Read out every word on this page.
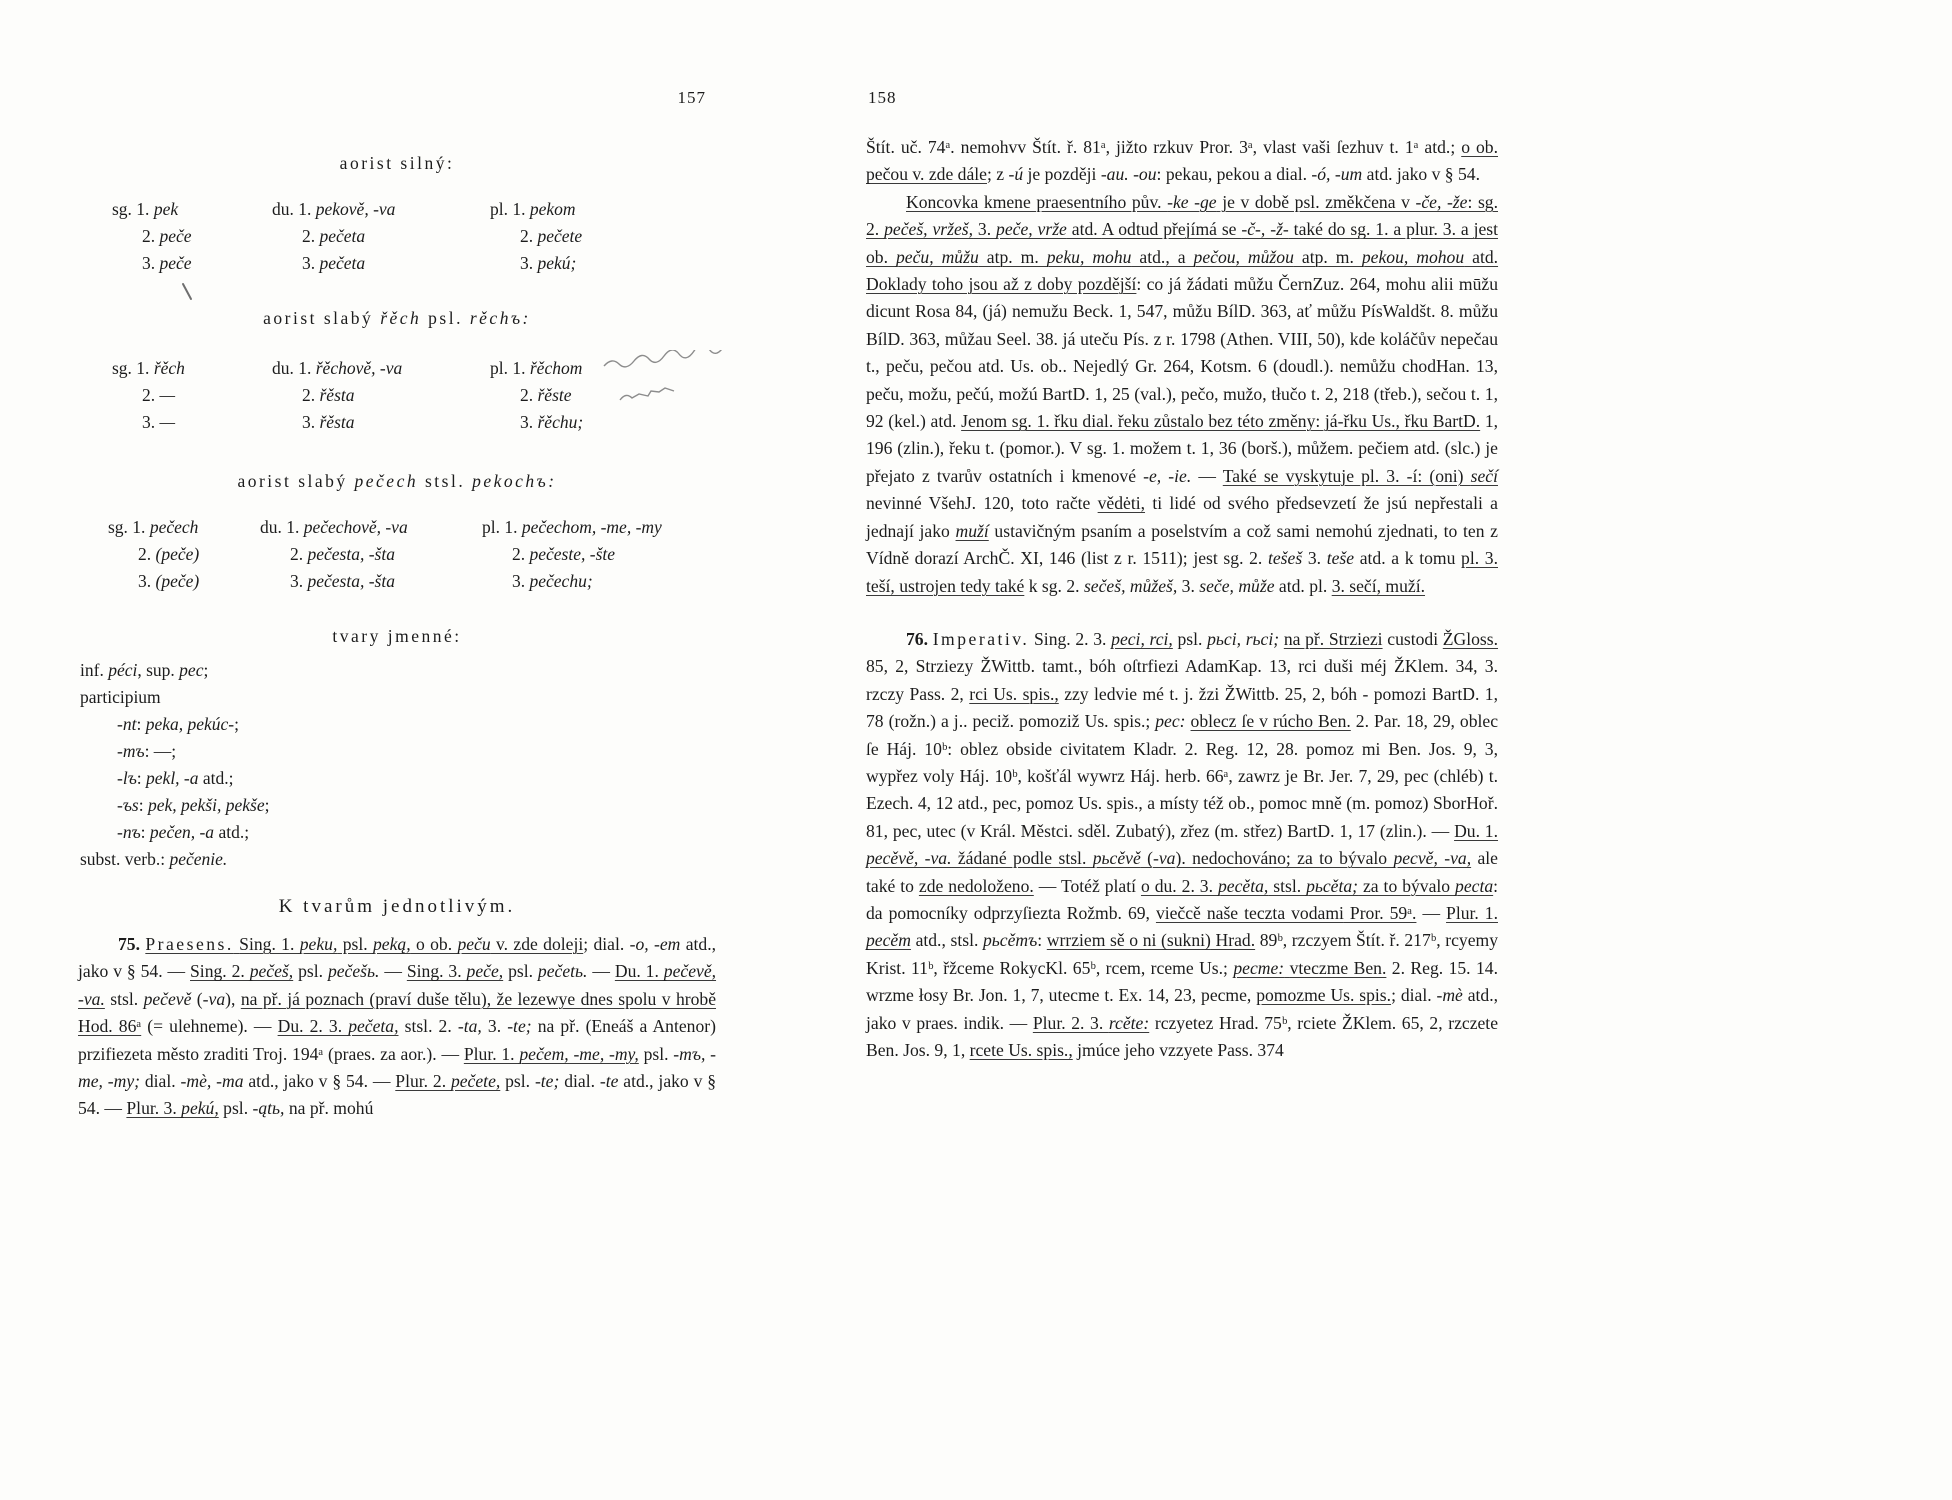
157
aorist silný:
sg. 1. pek	du. 1. pekově, -va	pl. 1. pekom
2. peče	2. pečeta	2. pečete
3. peče	3. pečeta	3. pekú;
aorist slabý řěch psl. rěchъ:
sg. 1. řěch	du. 1. řěchově, -va	pl. 1. řěchom
2. —	2. řěsta	2. řěste
3. —	3. řěsta	3. řěchu;
aorist slabý pečech stsl. pekochъ:
sg. 1. pečech	du. 1. pečechově, -va	pl. 1. pečechom, -me, -my
2. (peče)	2. pečesta, -šta	2. pečeste, -šte
3. (peče)	3. pečesta, -šta	3. pečechu;
tvary jmenné:
inf. péci, sup. pec;
participium
-nt: peka, pekúc-;
-mъ: —;
-lъ: pekl, -a atd.;
-ъs: pek, pekši, pekše;
-nъ: pečen, -a atd.;
subst. verb.: pečenie.
K tvarům jednotlivým.

75. Praesens. Sing. 1. peku, psl. peką, o ob. peču v. zde doleji; dial. -o, -em atd., jako v § 54. — Sing. 2. pečeš, psl. pečešь. — Sing. 3. peče, psl. pečetь. — Du. 1. pečevě, -va. stsl. pečevě (-va), na př. já poznach (praví duše tělu), že lezewye dnes spolu v hrobě Hod. 86ᵃ (= ulehneme). — Du. 2. 3. pečeta, stsl. 2. -ta, 3. -te; na př. (Eneáš a Antenor) przifiezeta město zraditi Troj. 194ᵃ (praes. za aor.). — Plur. 1. pečem, -me, -my, psl. -mъ, -me, -my; dial. -mè, -ma atd., jako v § 54. — Plur. 2. pečete, psl. -te; dial. -te atd., jako v § 54. — Plur. 3. pekú, psl. -ątь, na př. mohú

158

Štít. uč. 74ᵃ. nemohvv Štít. ř. 81ᵃ, jižto rzkuv Pror. 3ᵃ, vlast vaši ſezhuv t. 1ᵃ atd.; o ob. pečou v. zde dále; z -ú je později -au. -ou: pekau, pekou a dial. -ó, -um atd. jako v § 54.

Koncovka kmene praesentního pův. -ke -ge je v době psl. změkčena v -če, -že: sg. 2. pečeš, vržeš, 3. peče, vrže atd. A odtud přejímá se -č-, -ž- také do sg. 1. a plur. 3. a jest ob. peču, můžu atp. m. peku, mohu atd., a pečou, můžou atp. m. pekou, mohou atd. Doklady toho jsou až z doby pozdější: co já žádati můžu ČernZuz. 264, mohu alii mūžu dicunt Rosa 84, (já) nemužu Beck. 1, 547, můžu BílD. 363, ať můžu PísWaldšt. 8. můžu BílD. 363, můžau Seel. 38. já uteču Pís. z r. 1798 (Athen. VIII, 50), kde koláčův nepečau t., peču, pečou atd. Us. ob.. Nejedlý Gr. 264, Kotsm. 6 (doudl.). nemůžu chodHan. 13, peču, možu, pečú, možú BartD. 1, 25 (val.), pečo, mužo, tłučo t. 2, 218 (třeb.), sečou t. 1, 92 (kel.) atd. Jenom sg. 1. řku dial. řeku zůstalo bez této změny: já-řku Us., řku BartD. 1, 196 (zlin.), řeku t. (pomor.). V sg. 1. možem t. 1, 36 (borš.), můžem. pečiem atd. (slc.) je přejato z tvarův ostatních i kmenové -e, -ie. — Také se vyskytuje pl. 3. -í: (oni) sečí nevinné VšehJ. 120, toto račte vědėti, ti lidé od svého předsevzetí že jsú nepřestali a jednají jako muží ustavičným psaním a poselstvím a což sami nemohú zjednati, to ten z Vídně dorazí ArchČ. XI, 146 (list z r. 1511); jest sg. 2. tešeš 3. teše atd. a k tomu pl. 3. teší, ustrojen tedy také k sg. 2. sečeš, můžeš, 3. seče, může atd. pl. 3. sečí, muží.

76. Imperativ. Sing. 2. 3. peci, rci, psl. pьci, rьci; na př. Strziezi custodi ŽGloss. 85, 2, Strziezy ŽWittb. tamt., bóh oſtrfiezi AdamKap. 13, rci duši méj ŽKlem. 34, 3. rzczy Pass. 2, rci Us. spis., zzy ledvie mé t. j. žzi ŽWittb. 25, 2, bóh - pomozi BartD. 1, 78 (rožn.) a j.. peciž. pomoziž Us. spis.; pec: oblecz ſe v rúcho Ben. 2. Par. 18, 29, oblec ſe Háj. 10ᵇ: oblez obside civitatem Kladr. 2. Reg. 12, 28. pomoz mi Ben. Jos. 9, 3, wypřez voly Háj. 10ᵇ, košťál wywrz Háj. herb. 66ᵃ, zawrz je Br. Jer. 7, 29, pec (chléb) t. Ezech. 4, 12 atd., pec, pomoz Us. spis., a místy též ob., pomoc mně (m. pomoz) SborHoř. 81, pec, utec (v Král. Městci. sděl. Zubatý), zřez (m. střez) BartD. 1, 17 (zlin.). — Du. 1. pecěvě, -va. žádané podle stsl. pьcěvě (-va). nedochováno; za to bývalo pecvě, -va, ale také to zde nedoloženo. — Totéž platí o du. 2. 3. pecěta, stsl. pьcěta; za to bývalo pecta: da pomocníky odprzyſiezta Rožmb. 69, viečcě naše teczta vodami Pror. 59ᵃ. — Plur. 1. pecěm atd., stsl. pьcěmъ: wrrziem sě o ni (sukni) Hrad. 89ᵇ, rzczyem Štít. ř. 217ᵇ, rcyemy Krist. 11ᵇ, řžceme RokycKl. 65ᵇ, rcem, rceme Us.; pecme: vteczme Ben. 2. Reg. 15. 14. wrzme łosy Br. Jon. 1, 7, utecme t. Ex. 14, 23, pecme, pomozme Us. spis.; dial. -mè atd., jako v praes. indik. — Plur. 2. 3. rcěte: rczyetez Hrad. 75ᵇ, rciete ŽKlem. 65, 2, rzczete Ben. Jos. 9, 1, rcete Us. spis., jmúce jeho vzzyete Pass. 374
